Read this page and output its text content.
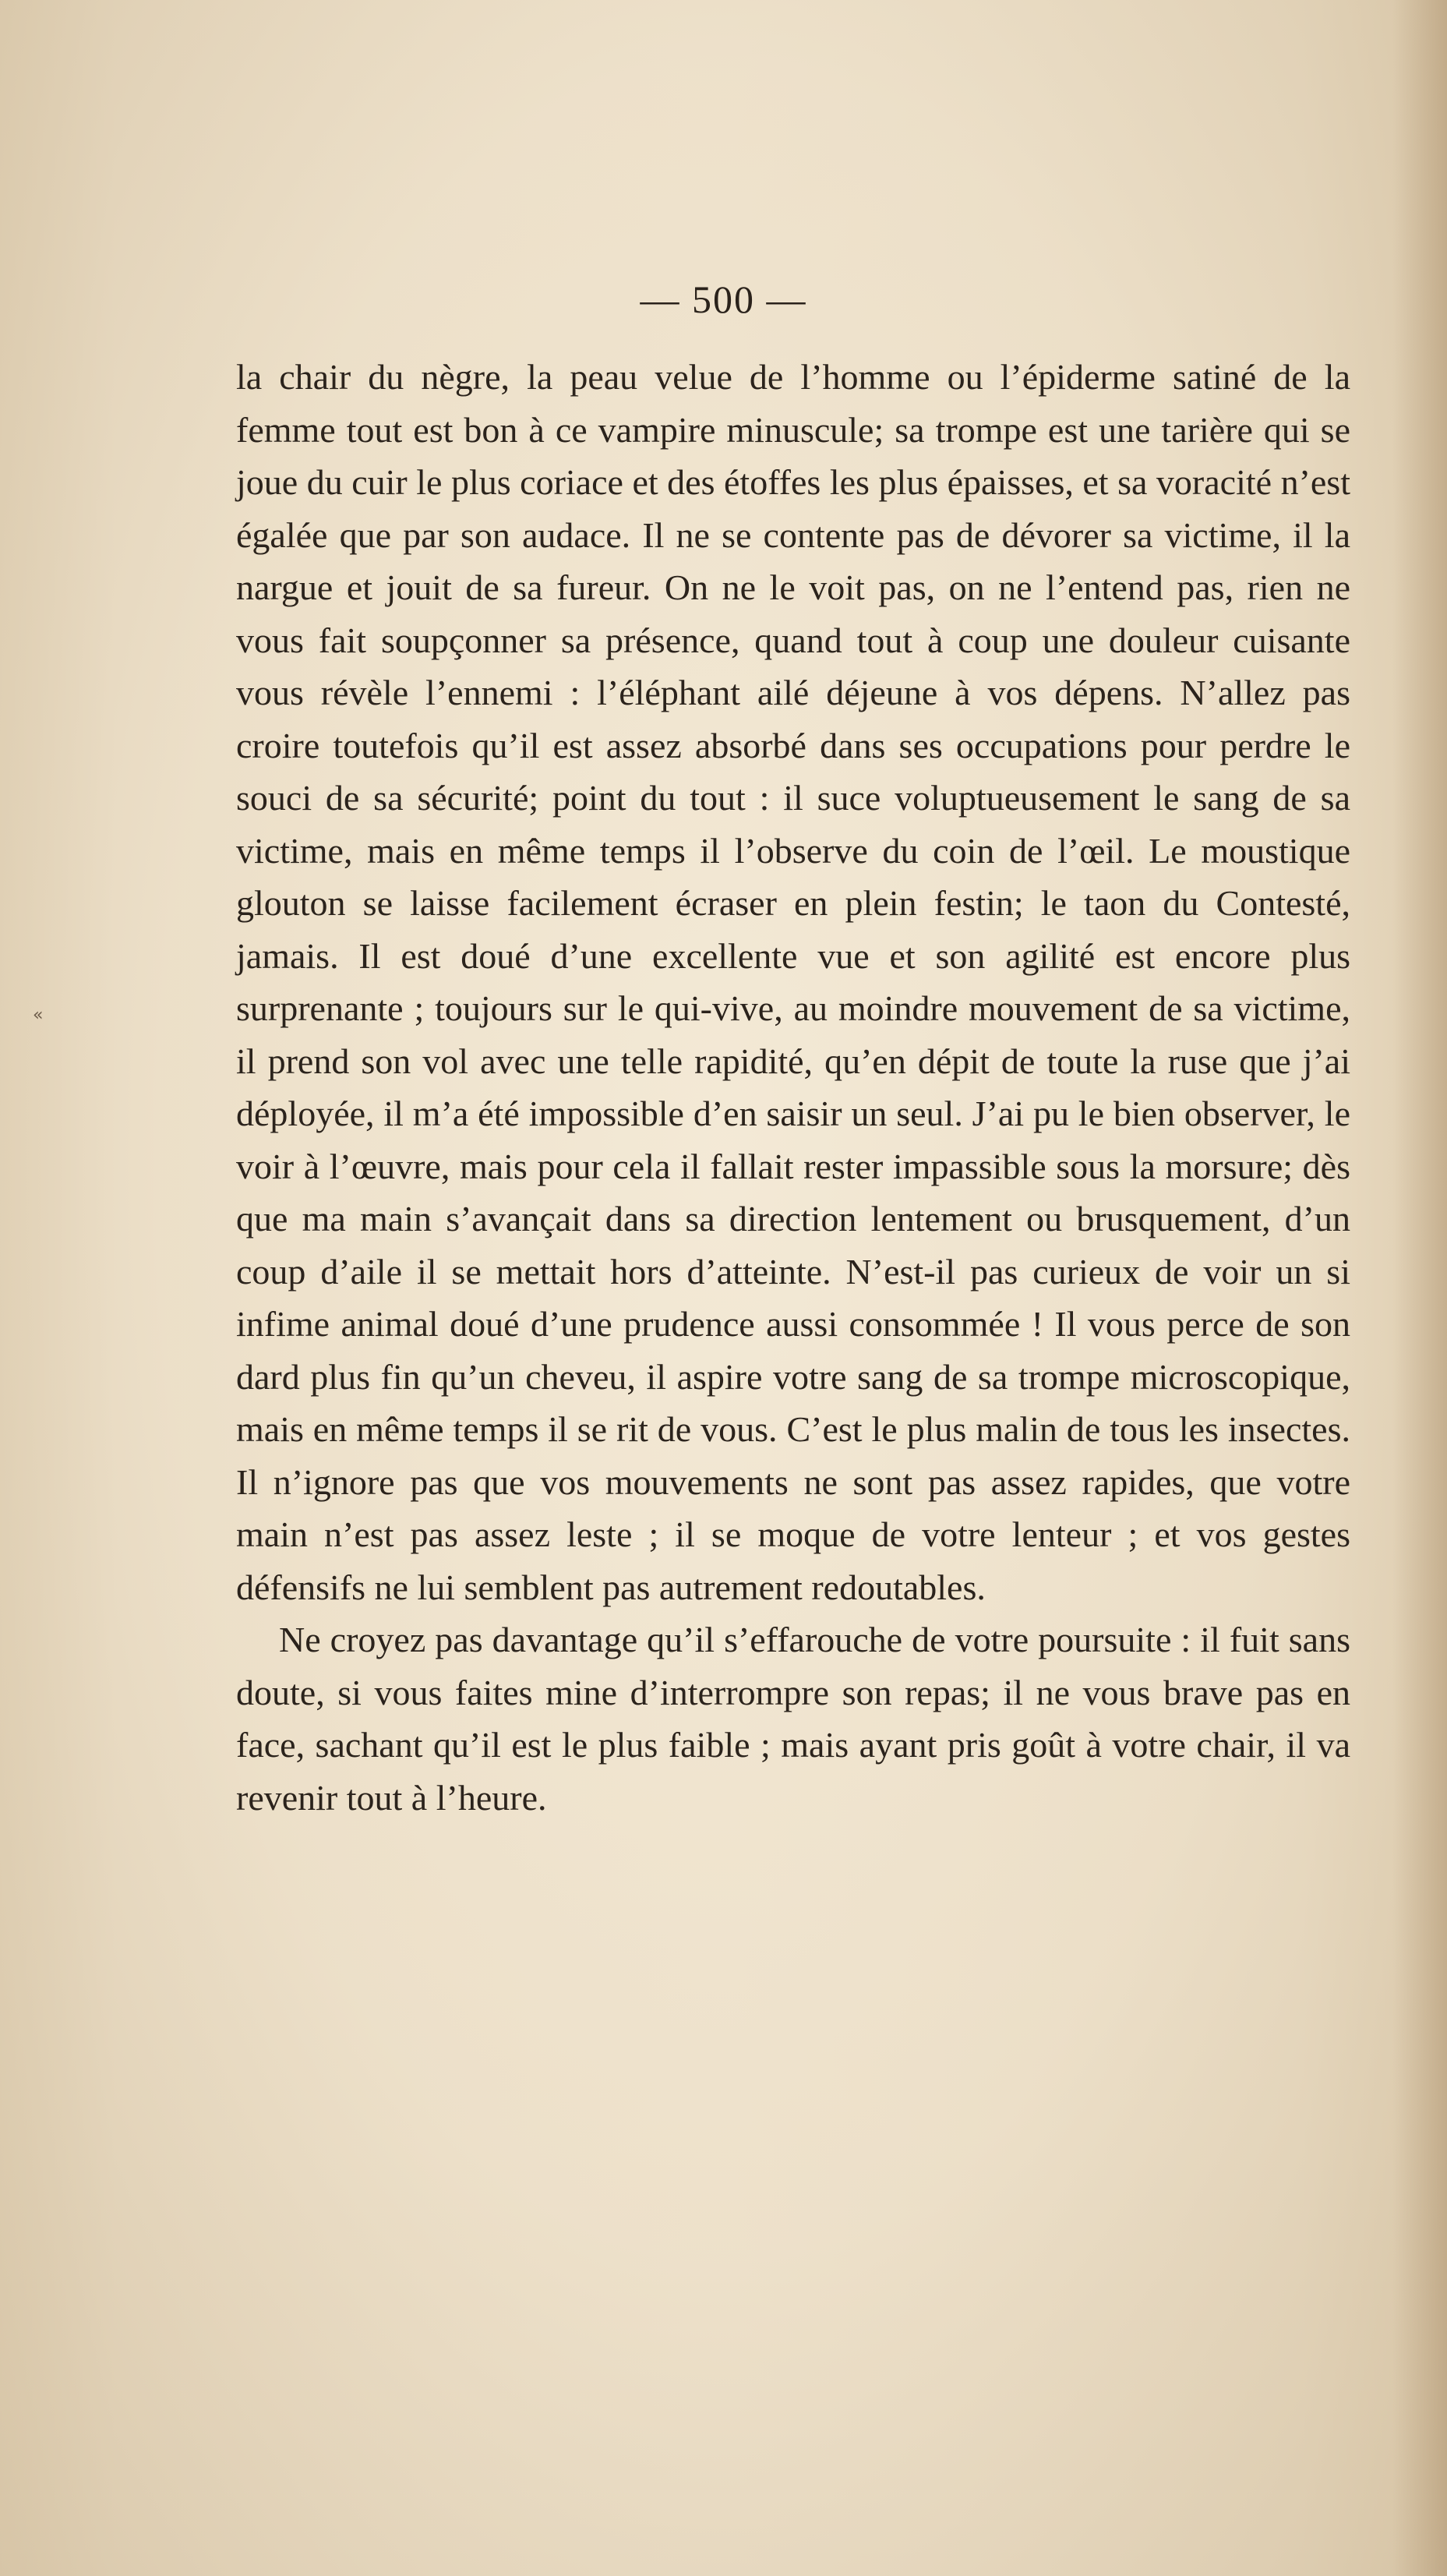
— 500 —
«

la chair du nègre, la peau velue de l’homme ou l’épiderme satiné de la femme tout est bon à ce vampire minuscule; sa trompe est une tarière qui se joue du cuir le plus coriace et des étoffes les plus épaisses, et sa voracité n’est égalée que par son audace. Il ne se contente pas de dévorer sa victime, il la nargue et jouit de sa fureur. On ne le voit pas, on ne l’entend pas, rien ne vous fait soupçonner sa présence, quand tout à coup une douleur cuisante vous révèle l’ennemi : l’éléphant ailé déjeune à vos dépens. N’allez pas croire toutefois qu’il est assez absorbé dans ses occupations pour perdre le souci de sa sécurité; point du tout : il suce voluptueusement le sang de sa victime, mais en même temps il l’observe du coin de l’œil. Le moustique glouton se laisse facilement écraser en plein festin; le taon du Contesté, jamais. Il est doué d’une excellente vue et son agilité est encore plus surprenante ; toujours sur le qui-vive, au moindre mouvement de sa victime, il prend son vol avec une telle rapidité, qu’en dépit de toute la ruse que j’ai déployée, il m’a été impossible d’en saisir un seul. J’ai pu le bien observer, le voir à l’œuvre, mais pour cela il fallait rester impassible sous la morsure; dès que ma main s’avançait dans sa direction lentement ou brusquement, d’un coup d’aile il se mettait hors d’atteinte. N’est-il pas curieux de voir un si infime animal doué d’une prudence aussi consommée ! Il vous perce de son dard plus fin qu’un cheveu, il aspire votre sang de sa trompe microscopique, mais en même temps il se rit de vous. C’est le plus malin de tous les insectes. Il n’ignore pas que vos mouvements ne sont pas assez rapides, que votre main n’est pas assez leste ; il se moque de votre lenteur ; et vos gestes défensifs ne lui semblent pas autrement redoutables.

Ne croyez pas davantage qu’il s’effarouche de votre poursuite : il fuit sans doute, si vous faites mine d’interrompre son repas; il ne vous brave pas en face, sachant qu’il est le plus faible ; mais ayant pris goût à votre chair, il va revenir tout à l’heure.
